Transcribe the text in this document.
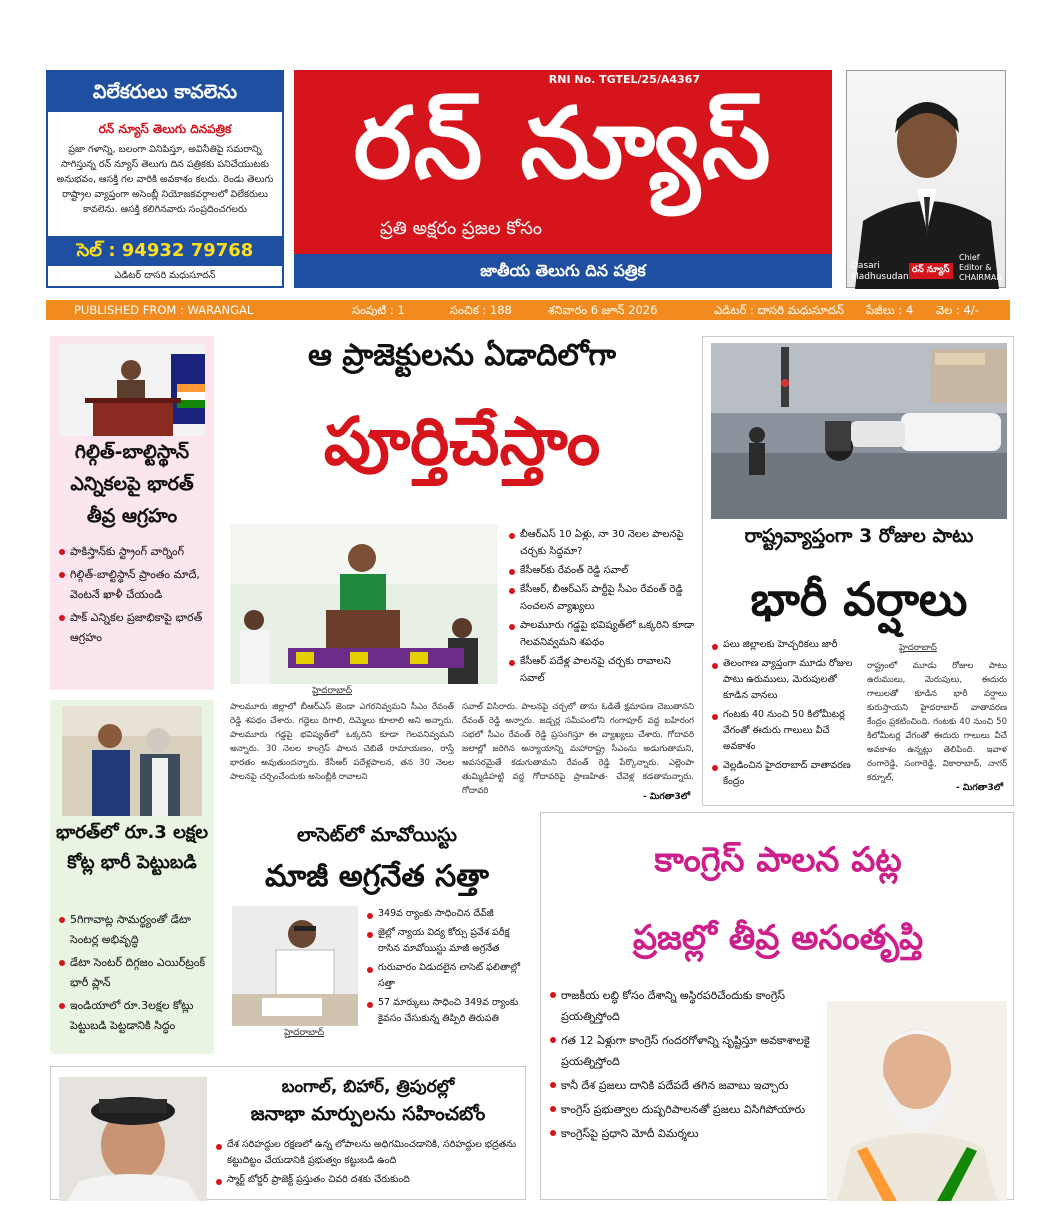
విలేకరులు కావలెను
రన్ న్యూస్ తెలుగు దినపత్రిక
ప్రజా గళాన్ని, బలంగా వినిపిస్తూ, అవినీతిపై సమరాన్ని సాగిస్తున్న రన్ న్యూస్ తెలుగు దిన పత్రికకు పనిచేయుటకు అనుభవం, ఆసక్తి గల వారికి అవకాశం కలదు. రెండు తెలుగు రాష్ట్రాల వ్యాప్తంగా అసెంబ్లీ నియోజకవర్గాలలో విలేకరులు కావలెను. ఆసక్తి కలిగినవారు సంప్రదించగలరు
సెల్ : 94932 79768
ఎడిటర్ దాసరి మధుసూదన్
RNI No. TGTEL/25/A4367
రన్ న్యూస్
ప్రతి అక్షరం ప్రజల కోసం
జాతీయ తెలుగు దిన పత్రిక	Dasari Madhusudan
రన్ న్యూస్
Chief Editor & CHAIRMAN
PUBLISHED FROM : WARANGAL	సంపుటి : 1	సంచిక : 188	శనివారం 6 జూన్ 2026	ఎడిటర్ : దాసరి మధుసూదన్ పేజీలు : 4 వెల : 4/-
గిల్గిత్-బాల్టిస్థాన్ ఎన్నికలపై భారత్ తీవ్ర ఆగ్రహం
పాకిస్తాన్‌కు స్ట్రాంగ్ వార్నింగ్
గిల్గిత్-బాల్టిస్థాన్ ప్రాంతం మాదే, వెంటనే ఖాళీ చేయండి
పాక్ ఎన్నికల ప్రజాభికాపై భారత్ ఆగ్రహం
భారత్‌లో రూ.3 లక్షల కోట్ల భారీ పెట్టుబడి
5గిగావాట్ల సామర్థ్యంతో డేటా సెంటర్ల అభివృద్ధి
డేటా సెంటర్ దిగ్గజం ఎయిర్‌ట్రంక్ భారీ ప్లాన్
ఇండియాలో రూ.3లక్షల కోట్లు పెట్టుబడి పెట్టడానికి సిద్ధం
ఆ ప్రాజెక్టులను ఏడాదిలోగా
పూర్తిచేస్తాం
హైదరాబాద్
బీఆర్ఎస్ 10 ఏళ్లు, నా 30 నెలల పాలనపై చర్చకు సిద్ధమా?
కేసీఆర్‌కు రేవంత్ రెడ్డి సవాల్
కేసీఆర్, బీఆర్ఎస్ పార్టీపై సీఎం రేవంత్ రెడ్డి సంచలన వ్యాఖ్యలు
పాలమూరు గడ్డపై భవిష్యత్‌లో ఒక్కరిని కూడా గెలవనివ్వమని శపథం
కేసీఆర్ పదేళ్ల పాలనపై చర్చకు రావాలని సవాల్
పాలమూరు జిల్లాలో బీఆర్ఎస్ జెండా ఎగరనివ్వమని సీఎం రేవంత్ రెడ్డి శపథం చేశారు. గద్దెలు దిగాలి, దిమ్మెలు కూలాలి అని అన్నారు. పాలమూరు గడ్డపై భవిష్యత్‌లో ఒక్కరిని కూడా గెలవనివ్వమని అన్నారు. 30 నెలల కాంగ్రెస్ పాలన చెబితే రామాయణం, రాస్తే భారతం అవుతుందన్నారు. కేసీఆర్ పదేళ్లపాలన, తన 30 నెలల పాలనపై చర్చించేందుకు అసెంబ్లీకి రావాలని
సవాల్ విసిరారు. పాలనపై చర్చలో తాను ఓడితే క్షమాపణ చెబుతానని రేవంత్ రెడ్డి అన్నారు. జడ్చర్ల సమీపంలోని గంగాపూర్ వద్ద బహిరంగ సభలో సీఎం రేవంత్ రెడ్డి ప్రసంగిస్తూ ఈ వ్యాఖ్యలు చేశారు. గోదావరి జలాల్లో జరిగిన అన్యాయాన్ని మహారాష్ట్ర సీఎంను అడుగుతామని, అవసరమైతే కడుగుతామని రేవంత్ రెడ్డి పేర్కొన్నారు. ఎల్లెంపా తుమ్మిడిహట్టి వద్ద గోదావరిపై ప్రాణహిత- చేవెళ్ల కడతామన్నారు. గోదావరి
- మిగతా3లో
రాష్ట్రవ్యాప్తంగా 3 రోజుల పాటు
భారీ వర్షాలు
పలు జిల్లాలకు హెచ్చరికలు జారీ
తెలంగాణ వ్యాప్తంగా మూడు రోజుల పాటు ఉరుములు, మెరుపులతో కూడిన వానలు
గంటకు 40 నుంచి 50 కిలోమీటర్ల వేగంతో ఈదురు గాలులు వీచే అవకాశం
వెల్లడించిన హైదరాబాద్ వాతావరణ కేంద్రం
హైదరాబాద్
రాష్ట్రంలో మూడు రోజుల పాటు ఉరుములు, మెరుపులు, ఈదురు గాలులతో కూడిన భారీ వర్షాలు కురుస్తాయని హైదరాబాద్ వాతావరణ కేంద్రం ప్రకటించింది. గంటకు 40 నుంచి 50 కిలోమీటర్ల వేగంతో ఈదురు గాలులు వీచే అవకాశం ఉన్నట్లు తెలిపింది. ఇవాళ రంగారెడ్డి, సంగారెడ్డి, వికారాబాద్, నాగర్ కర్నూల్,
- మిగతా3లో
లాసెట్‌లో మావోయిస్టు
మాజీ అగ్రనేత సత్తా
హైదరాబాద్
349వ ర్యాంకు సాధించిన దేవ్‌జీ
జైల్లో న్యాయ విద్య కోర్సు ప్రవేశ పరీక్ష రాసిన మావోయిస్టు మాజీ అగ్రనేత
గురువారం విడుదలైన లాసెట్ ఫలితాల్లో సత్తా
57 మార్కులు సాధించి 349వ ర్యాంకు కైవసం చేసుకున్న తిప్పిరి తిరుపతి
కాంగ్రెస్ పాలన పట్ల
ప్రజల్లో తీవ్ర అసంతృప్తి
రాజకీయ లబ్ధి కోసం దేశాన్ని అస్థిరపరిచేందుకు కాంగ్రెస్ ప్రయత్నిస్తోంది
గత 12 ఏళ్లుగా కాంగ్రెస్ గందరగోళాన్ని సృష్టిస్తూ అవకాశాలకై ప్రయత్నిస్తోంది
కానీ దేశ ప్రజలు దానికి పదేపదే తగిన జవాబు ఇచ్చారు
కాంగ్రెస్ ప్రభుత్వాల దుష్పరిపాలనతో ప్రజలు విసిగిపోయారు
కాంగ్రెస్‌పై ప్రధాని మోదీ విమర్శలు
బంగాల్, బిహార్, త్రిపురల్లో
జనాభా మార్పులను సహించబోం
దేశ సరిహద్దుల రక్షణలో ఉన్న లోపాలను అధిగమించడానికి, సరిహద్దుల భద్రతను కట్టుదిట్టం చేయడానికి ప్రభుత్వం కట్టుబడి ఉంది
స్మార్ట్ బోర్డర్ ప్రాజెక్ట్ ప్రస్తుతం చివరి దశకు చేరుకుంది
